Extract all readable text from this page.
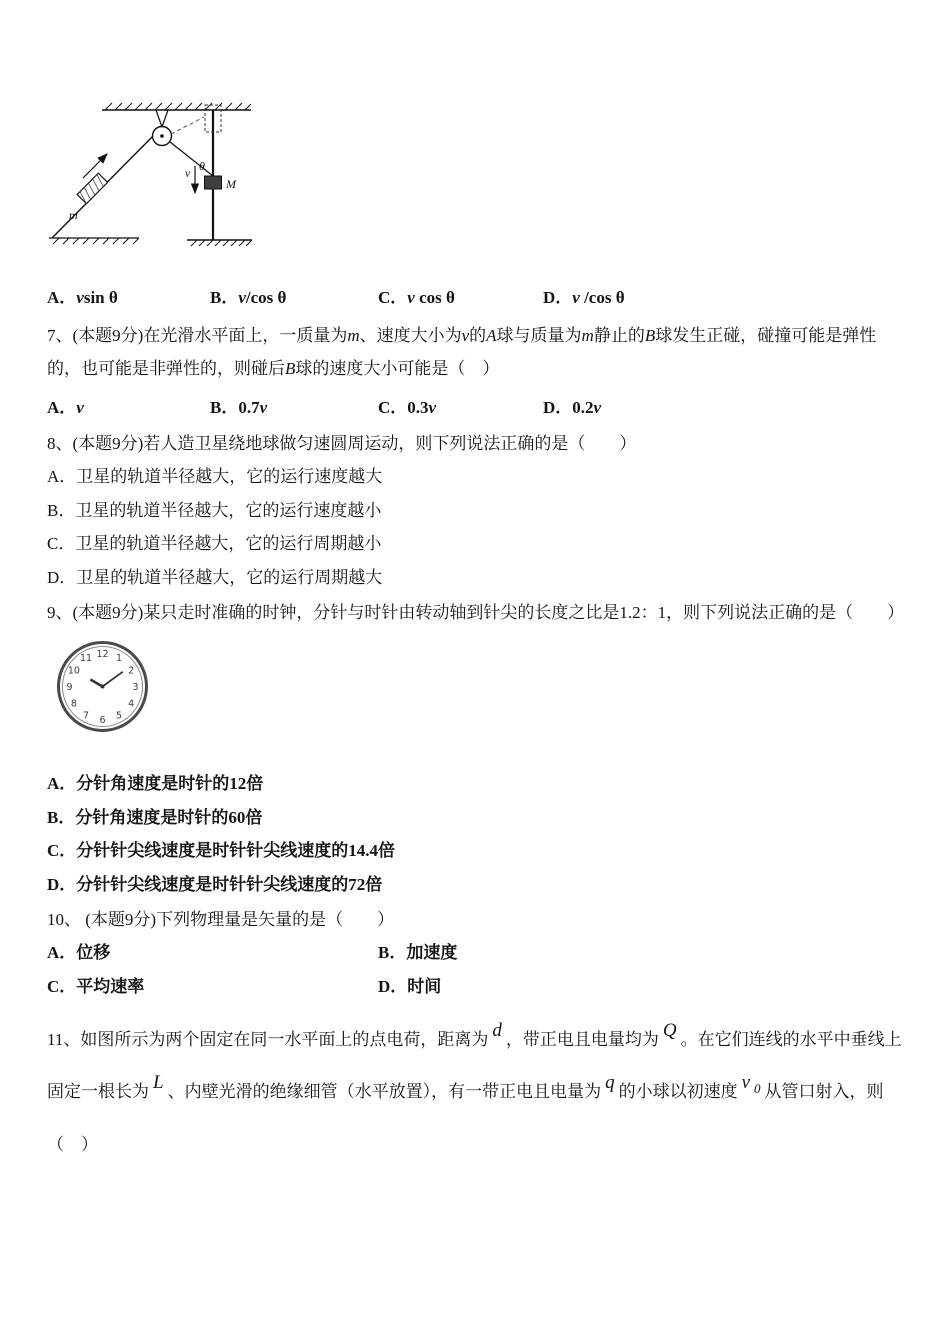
θ
M
v
m
A．vsin θ	B．v/cos θ	C．v cos θ	D．v /cos θ

7、(本题9分)在光滑水平面上，一质量为m、速度大小为v的A球与质量为m静止的B球发生正碰，碰撞可能是弹性的，也可能是非弹性的，则碰后B球的速度大小可能是（　）

A．v	B．0.7v	C．0.3v	D．0.2v

8、(本题9分)若人造卫星绕地球做匀速圆周运动，则下列说法正确的是（　　）

A．卫星的轨道半径越大，它的运行速度越大

B．卫星的轨道半径越大，它的运行速度越小

C．卫星的轨道半径越大，它的运行周期越小

D．卫星的轨道半径越大，它的运行周期越大

9、(本题9分)某只走时准确的时钟，分针与时针由转动轴到针尖的长度之比是1.2：1，则下列说法正确的是（　　）

12 1
2
3
4
5
6
7
8
9
10
11

A．分针角速度是时针的12倍

B．分针角速度是时针的60倍

C．分针针尖线速度是时针针尖线速度的14.4倍

D．分针针尖线速度是时针针尖线速度的72倍

10、 (本题9分)下列物理量是矢量的是（　　）

A．位移	B．加速度
C．平均速率	D．时间

11、如图所示为两个固定在同一水平面上的点电荷，距离为 d ，带正电且电量均为 Q 。在它们连线的水平中垂线上固定一根长为 L 、内壁光滑的绝缘细管（水平放置），有一带正电且电量为 q 的小球以初速度 v $^0$ 从管口射入，则（　）
